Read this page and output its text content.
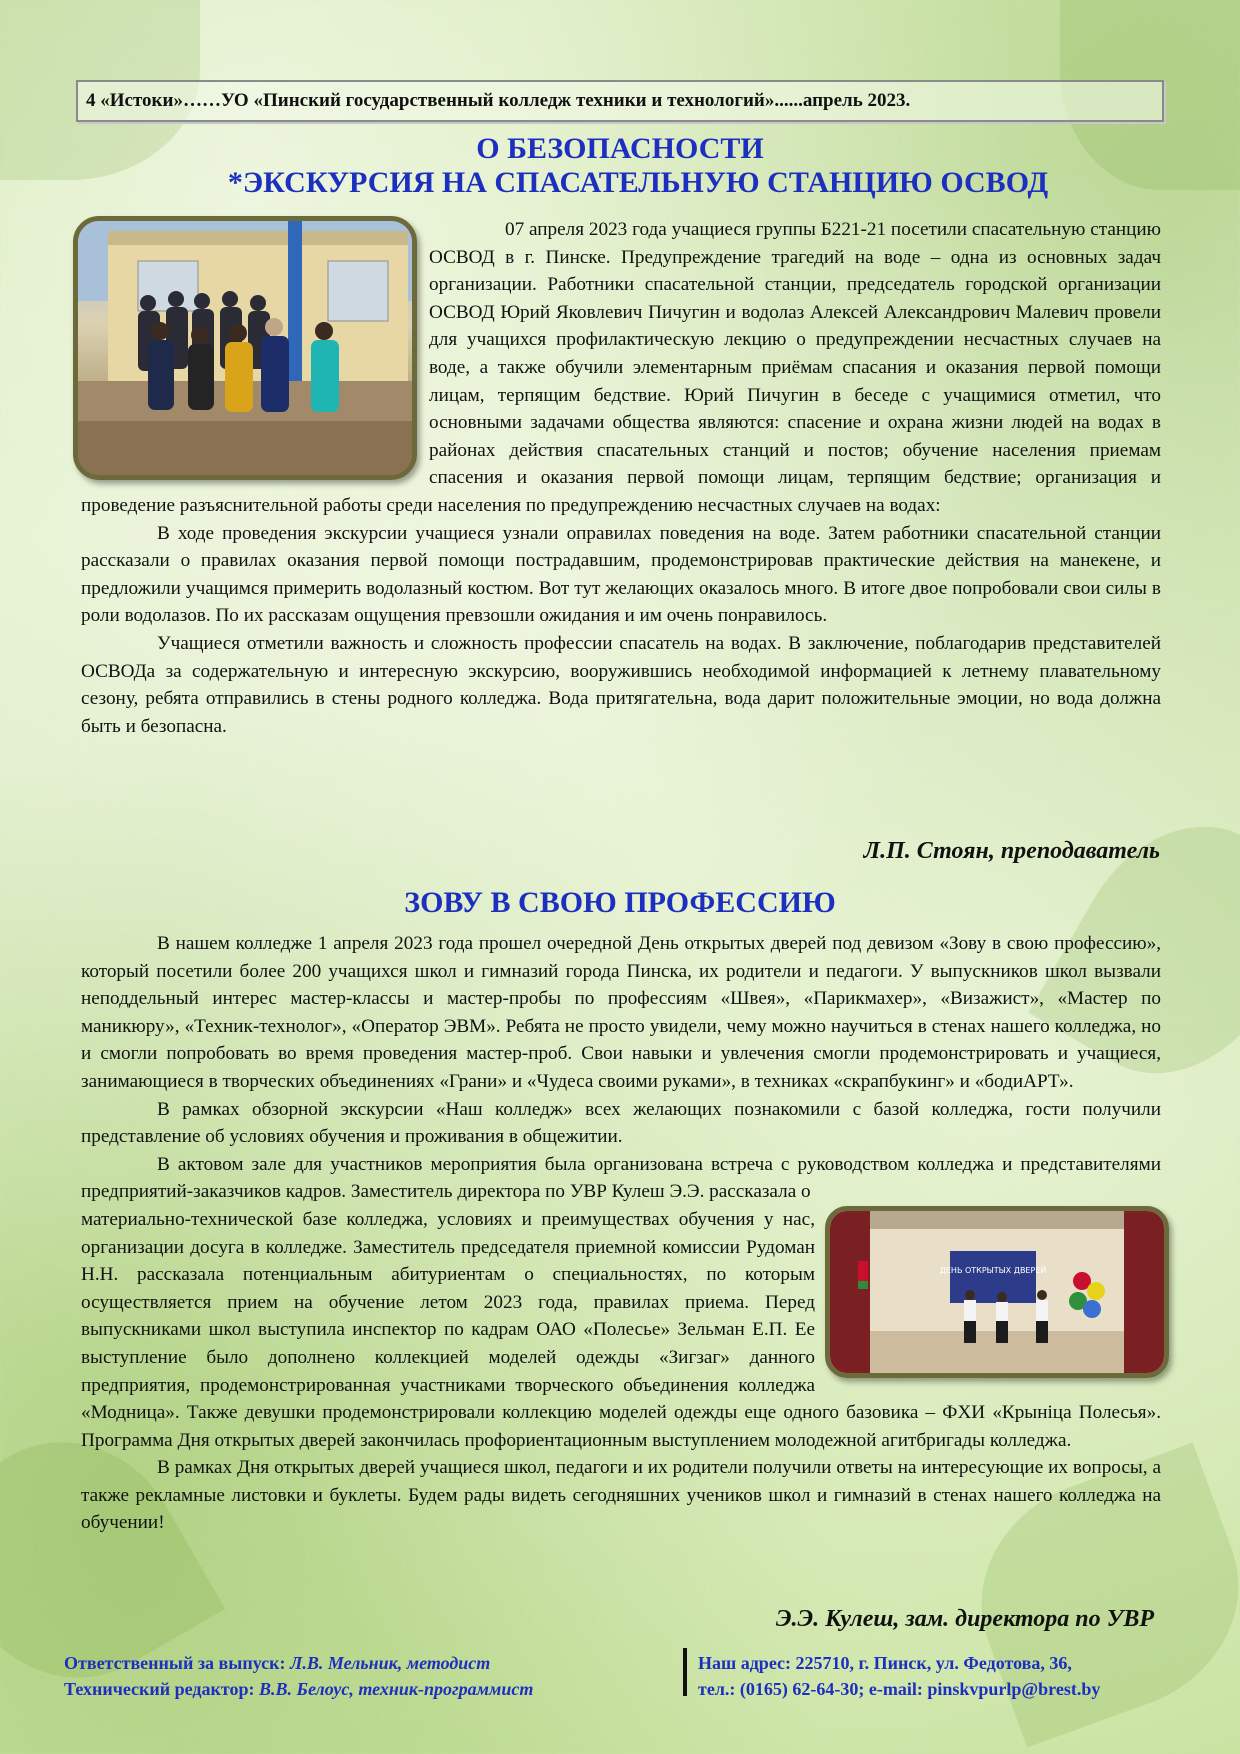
4 «Истоки»……УО «Пинский государственный колледж техники и технологий»......апрель 2023.
О БЕЗОПАСНОСТИ
*ЭКСКУРСИЯ НА СПАСАТЕЛЬНУЮ СТАНЦИЮ ОСВОД

07 апреля 2023 года учащиеся группы Б221-21 посетили спасательную станцию ОСВОД в г. Пинске. Предупреждение трагедий на воде – одна из основных задач организации. Работники спасательной станции, председатель городской организации ОСВОД Юрий Яковлевич Пичугин и водолаз Алексей Александрович Малевич провели для учащихся профилактическую лекцию о предупреждении несчастных случаев на воде, а также обучили элементарным приёмам спасания и оказания первой помощи лицам, терпящим бедствие. Юрий Пичугин в беседе с учащимися отметил, что основными задачами общества являются: спасение и охрана жизни людей на водах в районах действия спасательных станций и постов; обучение населения приемам спасения и оказания первой помощи лицам, терпящим бедствие; организация и проведение разъяснительной работы среди населения по предупреждению несчастных случаев на водах:

В ходе проведения экскурсии учащиеся узнали оправилах поведения на воде. Затем работники спасательной станции рассказали о правилах оказания первой помощи пострадавшим, продемонстрировав практические действия на манекене, и предложили учащимся примерить водолазный костюм. Вот тут желающих оказалось много. В итоге двое попробовали свои силы в роли водолазов. По их рассказам ощущения превзошли ожидания и им очень понравилось.

Учащиеся отметили важность и сложность профессии спасатель на водах. В заключение, поблагодарив представителей ОСВОДа за содержательную и интересную экскурсию, вооружившись необходимой информацией к летнему плавательному сезону, ребята отправились в стены родного колледжа. Вода притягательна, вода дарит положительные эмоции, но вода должна быть и безопасна.

Л.П. Стоян, преподаватель
ЗОВУ В СВОЮ ПРОФЕССИЮ

В нашем колледже 1 апреля 2023 года прошел очередной День открытых дверей под девизом «Зову в свою профессию», который посетили более 200 учащихся школ и гимназий города Пинска, их родители и педагоги. У выпускников школ вызвали неподдельный интерес мастер-классы и мастер-пробы по профессиям «Швея», «Парикмахер», «Визажист», «Мастер по маникюру», «Техник-технолог», «Оператор ЭВМ». Ребята не просто увидели, чему можно научиться в стенах нашего колледжа, но и смогли попробовать во время проведения мастер-проб. Свои навыки и увлечения смогли продемонстрировать и учащиеся, занимающиеся в творческих объединениях «Грани» и «Чудеса своими руками», в техниках «скрапбукинг» и «бодиАРТ».

В рамках обзорной экскурсии «Наш колледж» всех желающих познакомили с базой колледжа, гости получили представление об условиях обучения и проживания в общежитии.

В актовом зале для участников мероприятия была организована встреча с руководством колледжа и представителями предприятий-заказчиков кадров. Заместитель директора по УВР Кулеш Э.Э. рассказала о

ДЕНЬ ОТКРЫТЫХ ДВЕРЕЙ

материально-технической базе колледжа, условиях и преимуществах обучения у нас, организации досуга в колледже. Заместитель председателя приемной комиссии Рудоман Н.Н. рассказала потенциальным абитуриентам о специальностях, по которым осуществляется прием на обучение летом 2023 года, правилах приема. Перед выпускниками школ выступила инспектор по кадрам ОАО «Полесье» Зельман Е.П. Ее выступление было дополнено коллекцией моделей одежды «Зигзаг» данного предприятия, продемонстрированная участниками творческого объединения колледжа «Модница». Также девушки продемонстрировали коллекцию моделей одежды еще одного базовика – ФХИ «Крыніца Полесья». Программа Дня открытых дверей закончилась профориентационным выступлением молодежной агитбригады колледжа.

В рамках Дня открытых дверей учащиеся школ, педагоги и их родители получили ответы на интересующие их вопросы, а также рекламные листовки и буклеты. Будем рады видеть сегодняшних учеников школ и гимназий в стенах нашего колледжа на обучении!

Э.Э. Кулеш, зам. директора по УВР
Ответственный за выпуск: Л.В. Мельник, методист
Технический редактор: В.В. Белоус, техник-программист
Наш адрес: 225710, г. Пинск, ул. Федотова, 36,
тел.: (0165) 62-64-30; e-mail: pinskvpurlp@brest.by
